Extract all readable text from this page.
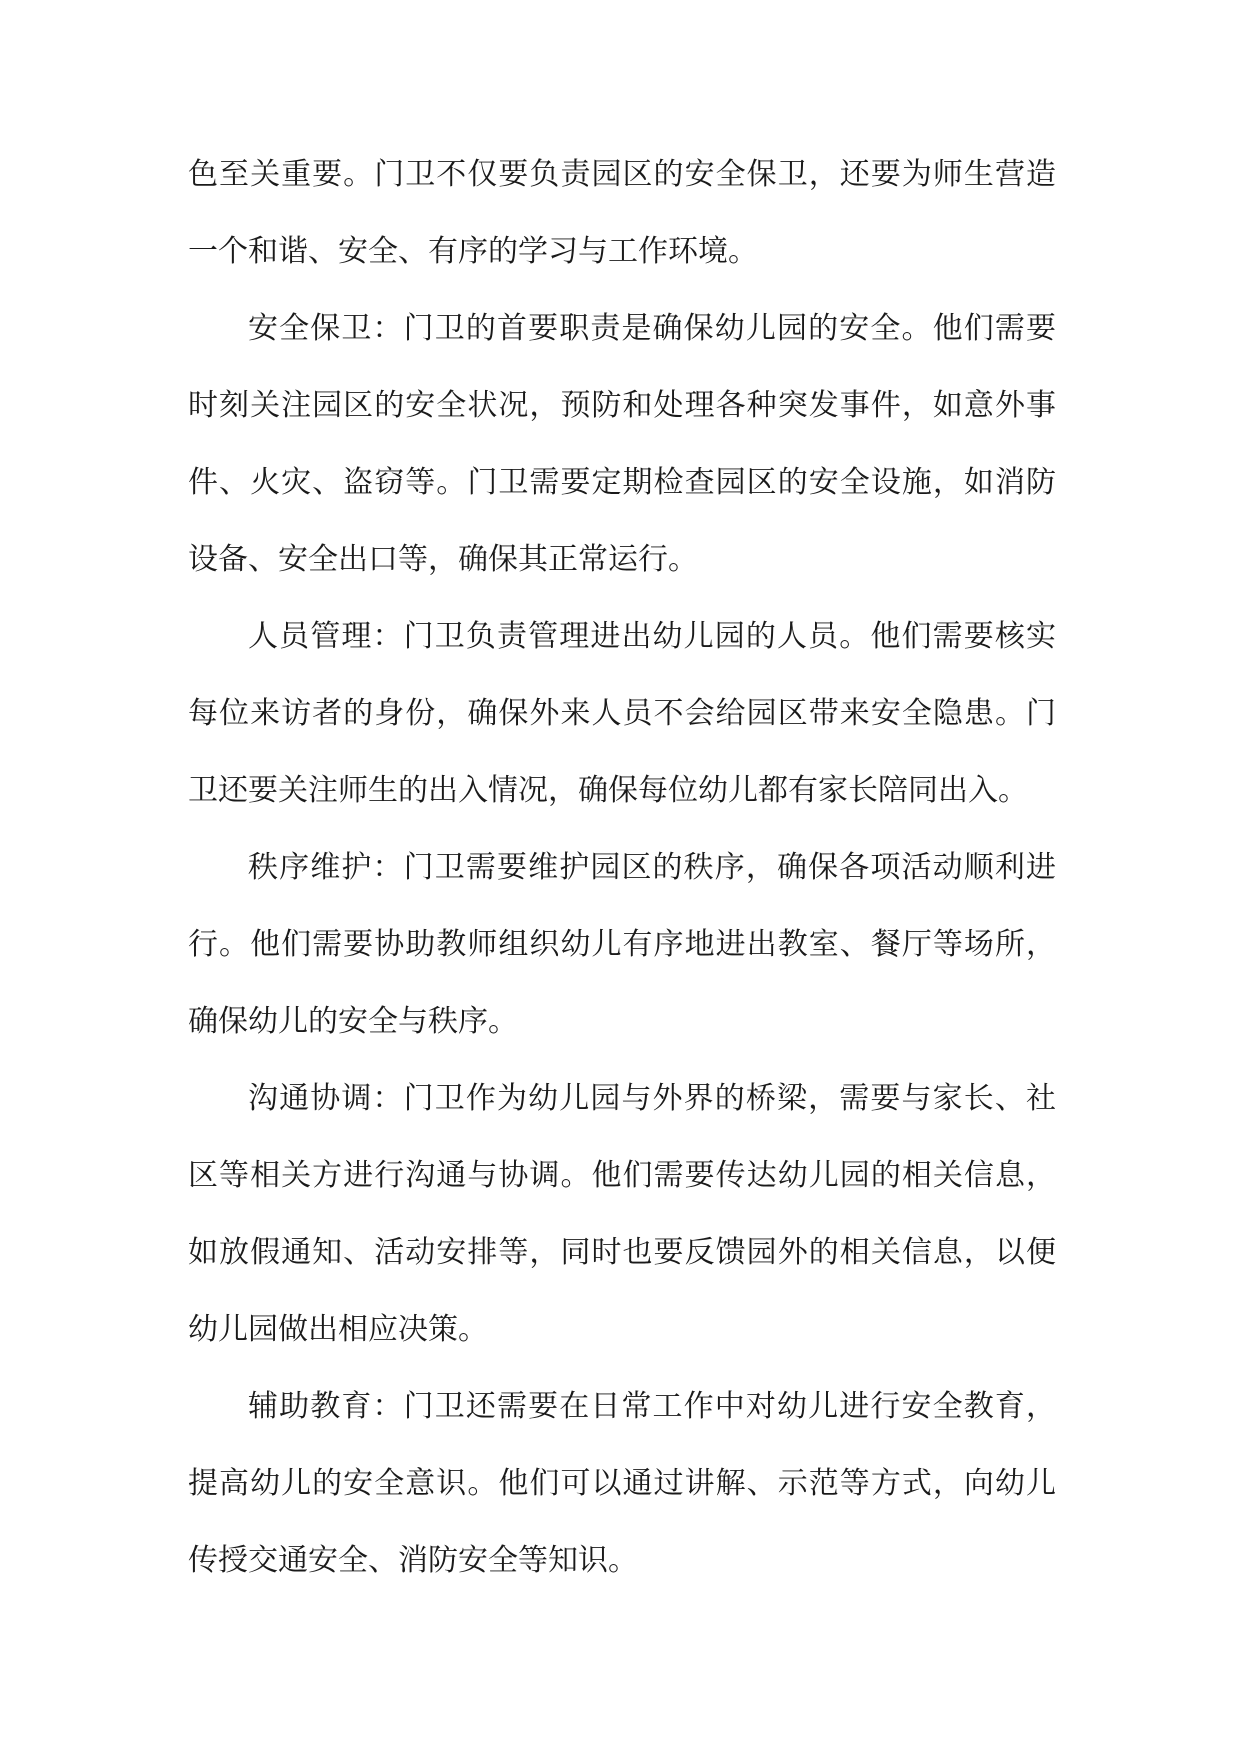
色至关重要。门卫不仅要负责园区的安全保卫，还要为师生营造一个和谐、安全、有序的学习与工作环境。

安全保卫：门卫的首要职责是确保幼儿园的安全。他们需要时刻关注园区的安全状况，预防和处理各种突发事件，如意外事件、火灾、盗窃等。门卫需要定期检查园区的安全设施，如消防设备、安全出口等，确保其正常运行。

人员管理：门卫负责管理进出幼儿园的人员。他们需要核实每位来访者的身份，确保外来人员不会给园区带来安全隐患。门卫还要关注师生的出入情况，确保每位幼儿都有家长陪同出入。

秩序维护：门卫需要维护园区的秩序，确保各项活动顺利进行。他们需要协助教师组织幼儿有序地进出教室、餐厅等场所，确保幼儿的安全与秩序。

沟通协调：门卫作为幼儿园与外界的桥梁，需要与家长、社区等相关方进行沟通与协调。他们需要传达幼儿园的相关信息，如放假通知、活动安排等，同时也要反馈园外的相关信息，以便幼儿园做出相应决策。

辅助教育：门卫还需要在日常工作中对幼儿进行安全教育，提高幼儿的安全意识。他们可以通过讲解、示范等方式，向幼儿传授交通安全、消防安全等知识。
